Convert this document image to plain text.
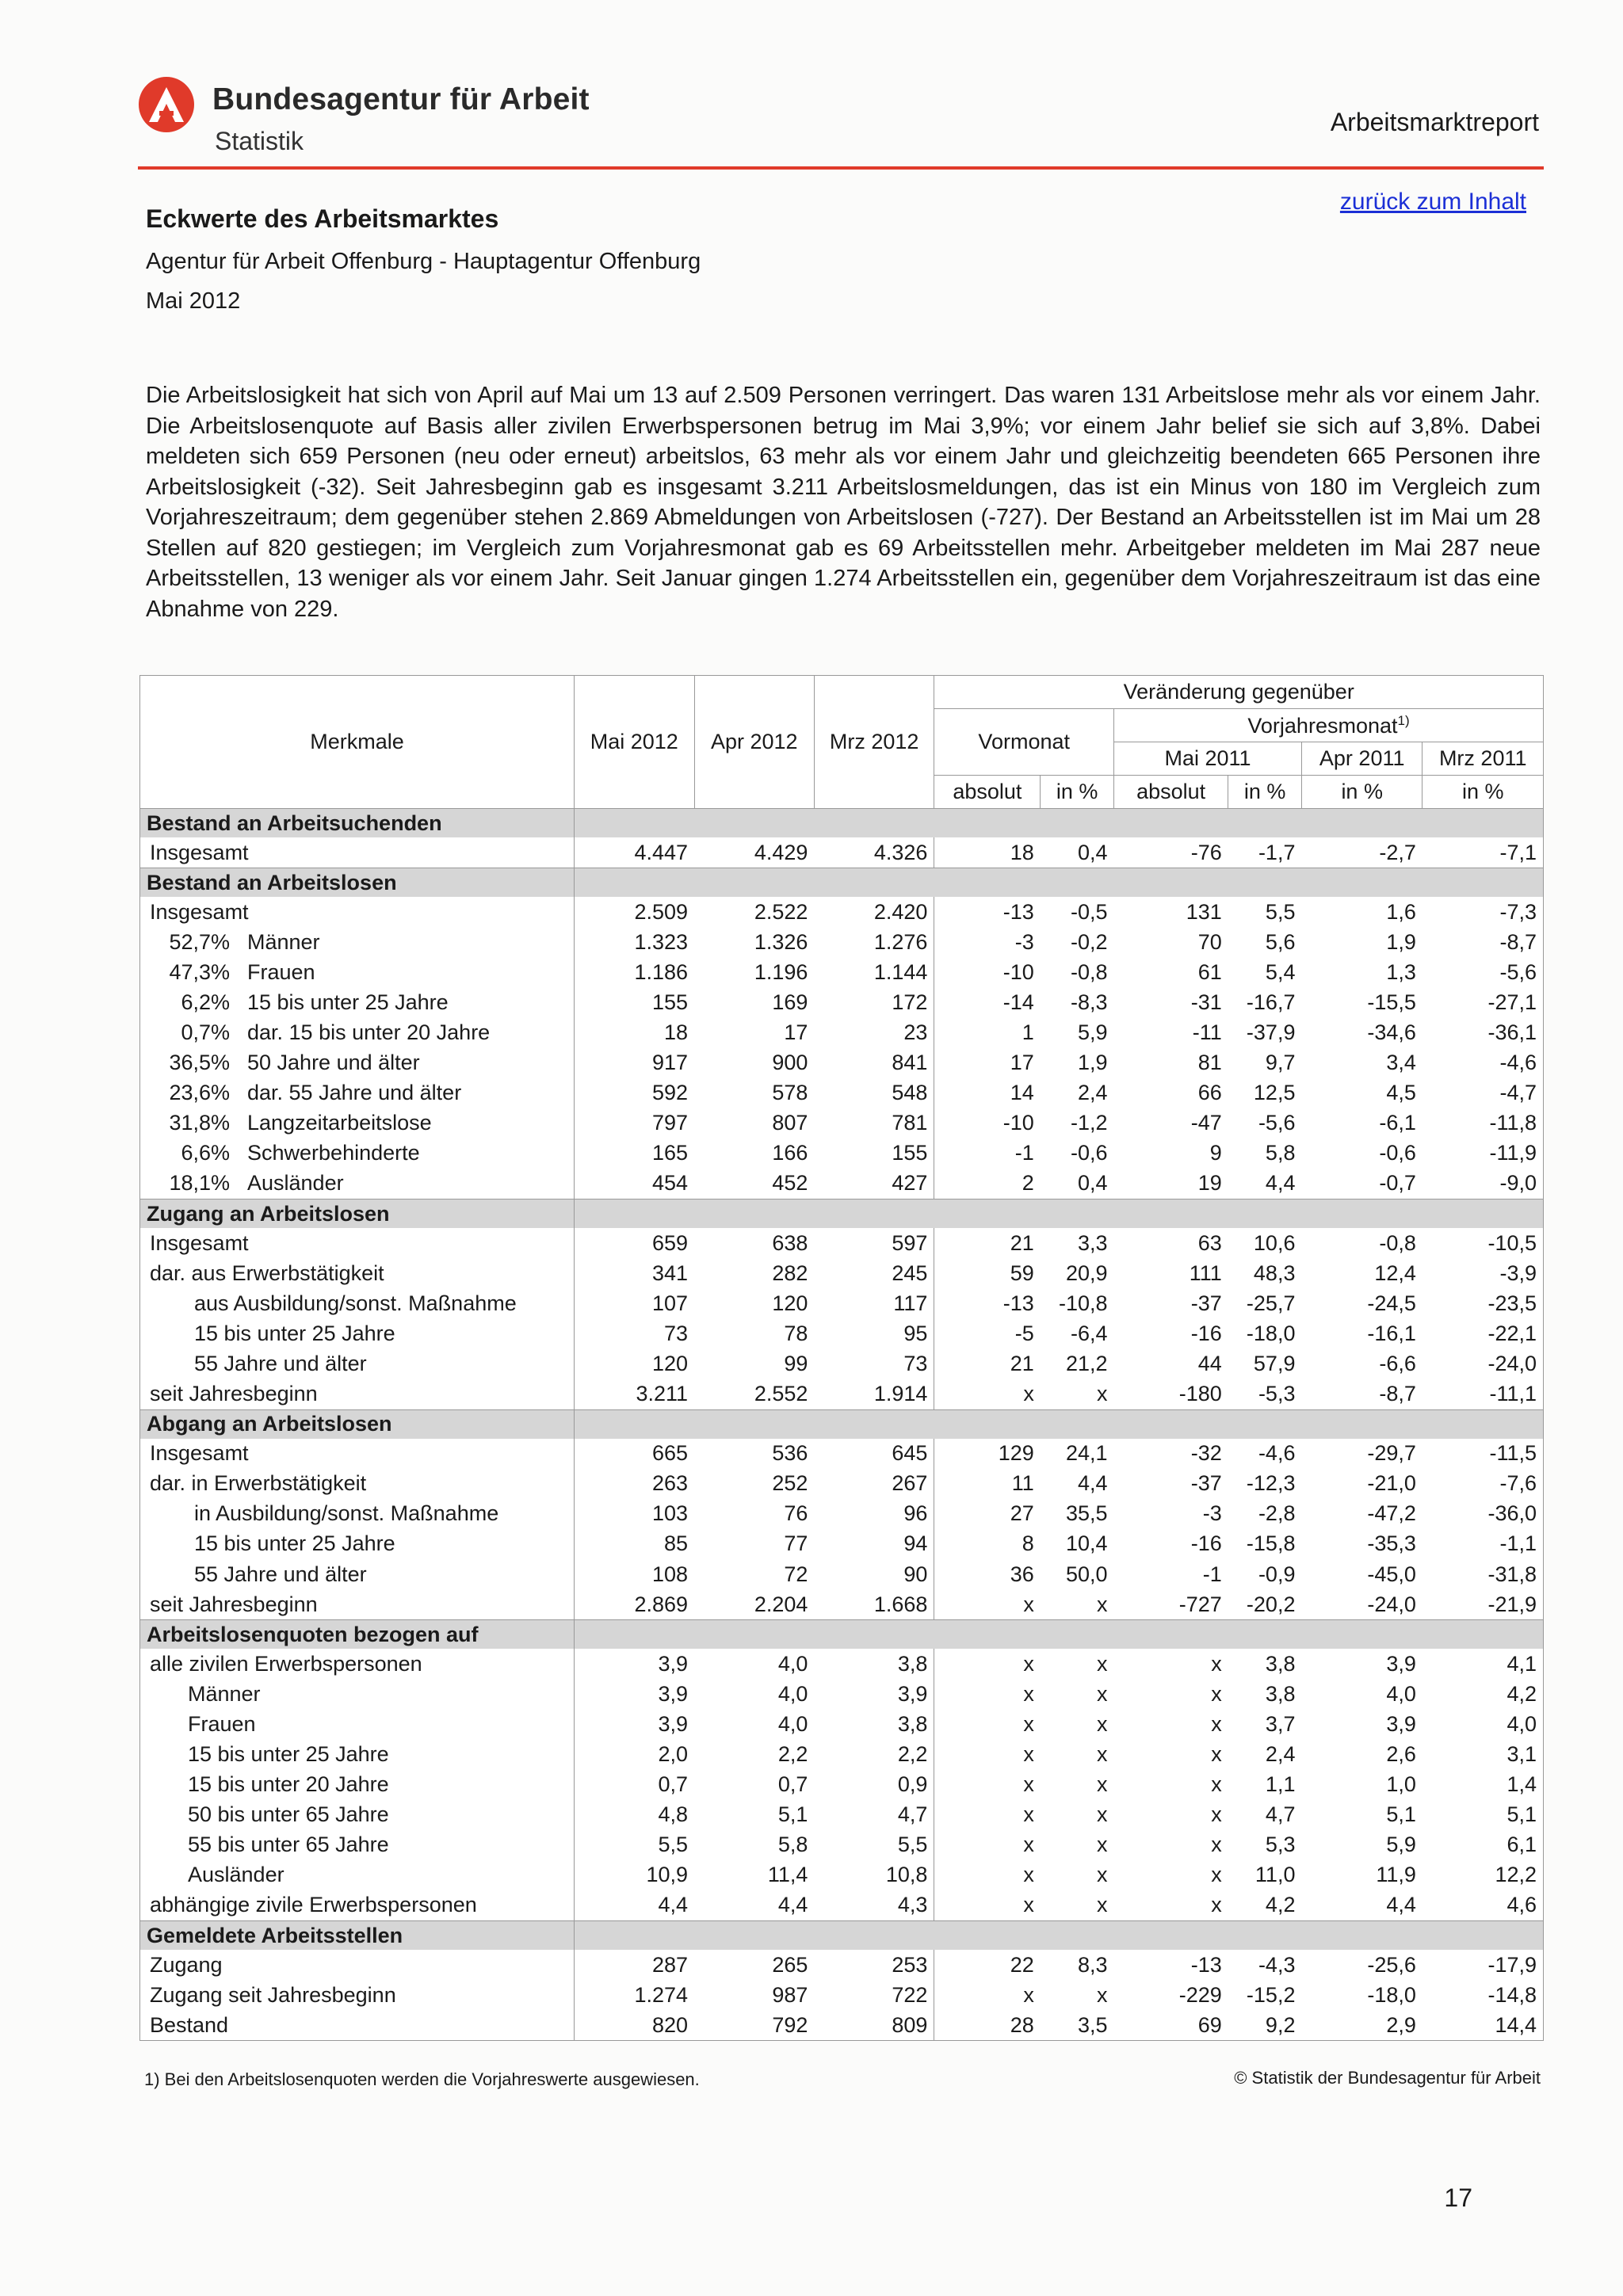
Bundesagentur für Arbeit
Statistik
Arbeitsmarktreport
zurück zum Inhalt
Eckwerte des Arbeitsmarktes
Agentur für Arbeit Offenburg - Hauptagentur Offenburg
Mai 2012

Die Arbeitslosigkeit hat sich von April auf Mai um 13 auf 2.509 Personen verringert. Das waren 131 Arbeitslose mehr als vor einem Jahr. Die Arbeitslosenquote auf Basis aller zivilen Erwerbspersonen betrug im Mai 3,9%; vor einem Jahr belief sie sich auf 3,8%. Dabei meldeten sich 659 Personen (neu oder erneut) arbeitslos, 63 mehr als vor einem Jahr und gleichzeitig beendeten 665 Personen ihre Arbeitslosigkeit (-32). Seit Jahresbeginn gab es insgesamt 3.211 Arbeitslosmeldungen, das ist ein Minus von 180 im Vergleich zum Vorjahreszeitraum; dem gegenüber stehen 2.869 Abmeldungen von Arbeitslosen (-727). Der Bestand an Arbeitsstellen ist im Mai um 28 Stellen auf 820 gestiegen; im Vergleich zum Vorjahresmonat gab es 69 Arbeitsstellen mehr. Arbeitgeber meldeten im Mai 287 neue Arbeitsstellen, 13 weniger als vor einem Jahr. Seit Januar gingen 1.274 Arbeitsstellen ein, gegenüber dem Vorjahreszeitraum ist das eine Abnahme von 229.

Merkmale	Mai 2012	Apr 2012	Mrz 2012	Veränderung gegenüber					
				Vormonat		Vorjahresmonat$^{1)}$
						Mai 2011		Apr 2011	Mrz 2011
				absolut	in %	absolut	in %	in %	in %
Bestand an Arbeitsuchenden									
Insgesamt	4.447	4.429	4.326	18	0,4	-76	-1,7	-2,7	-7,1
Bestand an Arbeitslosen									
Insgesamt	2.509	2.522	2.420	-13	-0,5	131	5,5	1,6	-7,3
52,7% Männer	1.323	1.326	1.276	-3	-0,2	70	5,6	1,9	-8,7
47,3% Frauen	1.186	1.196	1.144	-10	-0,8	61	5,4	1,3	-5,6
6,2% 15 bis unter 25 Jahre	155	169	172	-14	-8,3	-31	-16,7	-15,5	-27,1
0,7% dar. 15 bis unter 20 Jahre	18	17	23	1	5,9	-11	-37,9	-34,6	-36,1
36,5% 50 Jahre und älter	917	900	841	17	1,9	81	9,7	3,4	-4,6
23,6% dar. 55 Jahre und älter	592	578	548	14	2,4	66	12,5	4,5	-4,7
31,8% Langzeitarbeitslose	797	807	781	-10	-1,2	-47	-5,6	-6,1	-11,8
6,6% Schwerbehinderte	165	166	155	-1	-0,6	9	5,8	-0,6	-11,9
18,1% Ausländer	454	452	427	2	0,4	19	4,4	-0,7	-9,0
Zugang an Arbeitslosen									
Insgesamt	659	638	597	21	3,3	63	10,6	-0,8	-10,5
dar. aus Erwerbstätigkeit	341	282	245	59	20,9	111	48,3	12,4	-3,9
aus Ausbildung/sonst. Maßnahme	107	120	117	-13	-10,8	-37	-25,7	-24,5	-23,5
15 bis unter 25 Jahre	73	78	95	-5	-6,4	-16	-18,0	-16,1	-22,1
55 Jahre und älter	120	99	73	21	21,2	44	57,9	-6,6	-24,0
seit Jahresbeginn	3.211	2.552	1.914	x	x	-180	-5,3	-8,7	-11,1
Abgang an Arbeitslosen									
Insgesamt	665	536	645	129	24,1	-32	-4,6	-29,7	-11,5
dar. in Erwerbstätigkeit	263	252	267	11	4,4	-37	-12,3	-21,0	-7,6
in Ausbildung/sonst. Maßnahme	103	76	96	27	35,5	-3	-2,8	-47,2	-36,0
15 bis unter 25 Jahre	85	77	94	8	10,4	-16	-15,8	-35,3	-1,1
55 Jahre und älter	108	72	90	36	50,0	-1	-0,9	-45,0	-31,8
seit Jahresbeginn	2.869	2.204	1.668	x	x	-727	-20,2	-24,0	-21,9
Arbeitslosenquoten bezogen auf									
alle zivilen Erwerbspersonen	3,9	4,0	3,8	x	x	x	3,8	3,9	4,1
Männer	3,9	4,0	3,9	x	x	x	3,8	4,0	4,2
Frauen	3,9	4,0	3,8	x	x	x	3,7	3,9	4,0
15 bis unter 25 Jahre	2,0	2,2	2,2	x	x	x	2,4	2,6	3,1
15 bis unter 20 Jahre	0,7	0,7	0,9	x	x	x	1,1	1,0	1,4
50 bis unter 65 Jahre	4,8	5,1	4,7	x	x	x	4,7	5,1	5,1
55 bis unter 65 Jahre	5,5	5,8	5,5	x	x	x	5,3	5,9	6,1
Ausländer	10,9	11,4	10,8	x	x	x	11,0	11,9	12,2
abhängige zivile Erwerbspersonen	4,4	4,4	4,3	x	x	x	4,2	4,4	4,6
Gemeldete Arbeitsstellen									
Zugang	287	265	253	22	8,3	-13	-4,3	-25,6	-17,9
Zugang seit Jahresbeginn	1.274	987	722	x	x	-229	-15,2	-18,0	-14,8
Bestand	820	792	809	28	3,5	69	9,2	2,9	14,4
1) Bei den Arbeitslosenquoten werden die Vorjahreswerte ausgewiesen.	© Statistik der Bundesagentur für Arbeit
17
